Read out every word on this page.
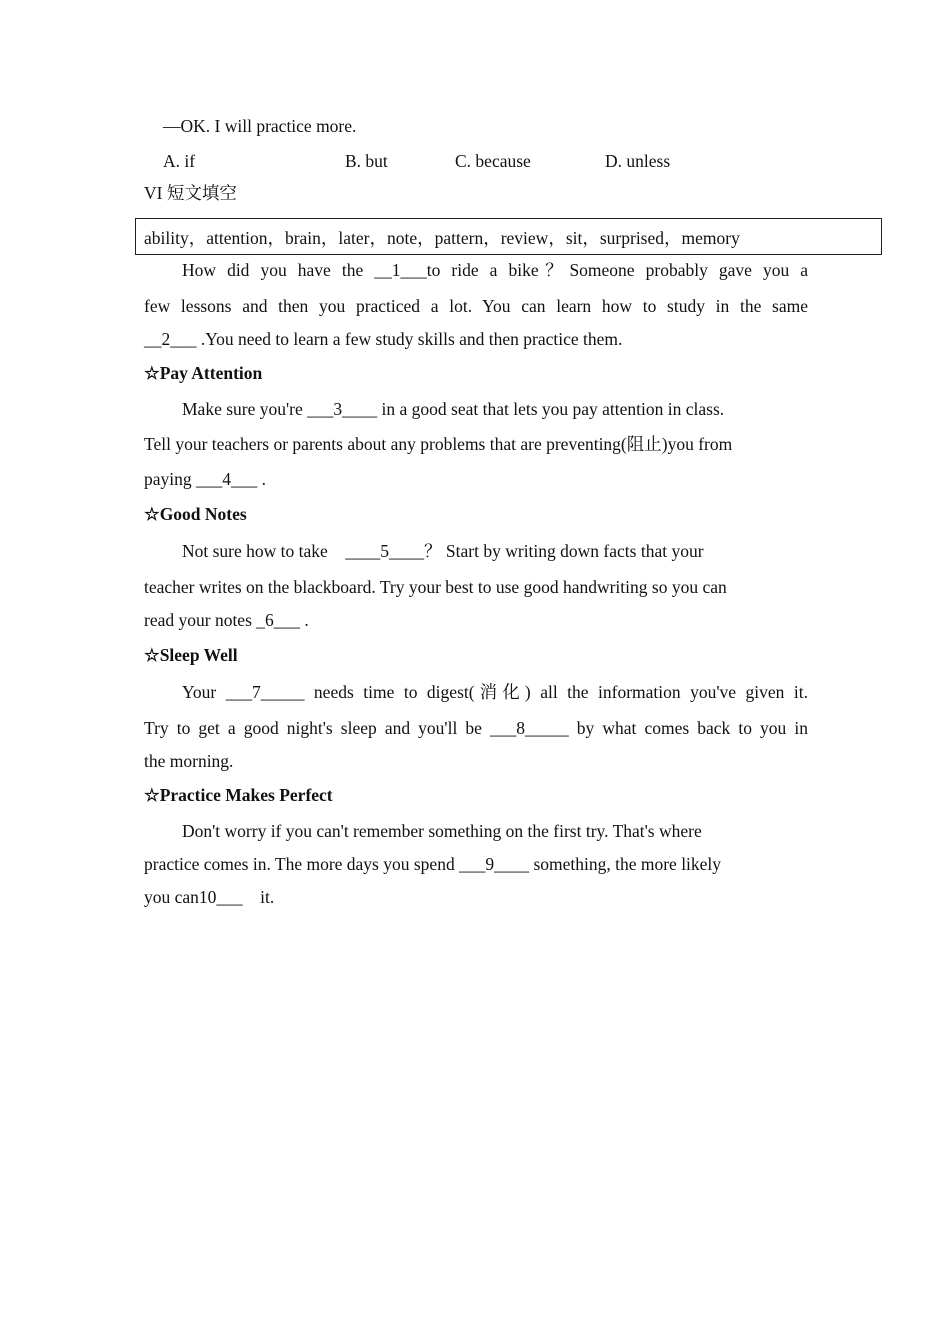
—OK. I will practice more.
A. if	B. but	C. because	D. unless
VI 短文填空
ability，attention，brain，later，note，pattern，review，sit，surprised，memory
How did you have the __1___to ride a bike？Someone probably gave you a
few lessons and then you practiced a lot. You can learn how to study in the same
__2___ .You need to learn a few study skills and then practice them.
☆Pay Attention
Make sure you're ___3____ in a good seat that lets you pay attention in class.
Tell your teachers or parents about any problems that are preventing(阻止)you from
paying ___4___ .
☆Good Notes
Not sure how to take    ____5____？ Start by writing down facts that your
teacher writes on the blackboard. Try your best to use good handwriting so you can
read your notes _6___ .
☆Sleep Well
Your ___7_____ needs time to digest(消化) all the information you've given it.
Try to get a good night's sleep and you'll be ___8_____ by what comes back to you in
the morning.
☆Practice Makes Perfect
Don't worry if you can't remember something on the first try. That's where
practice comes in. The more days you spend ___9____ something, the more likely
you can10___    it.
